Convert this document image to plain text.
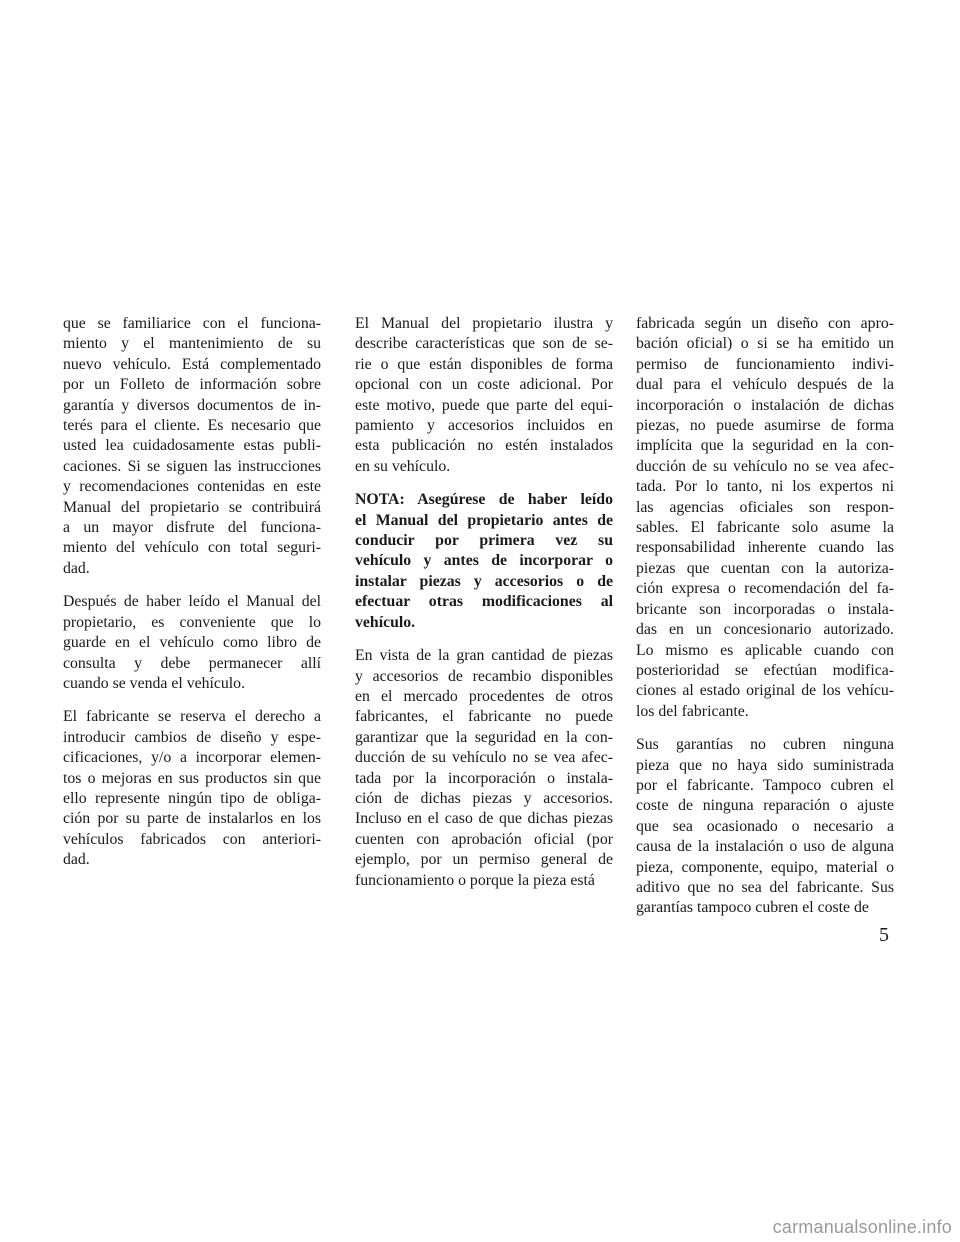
que se familiarice con el funciona-
miento y el mantenimiento de su
nuevo vehículo. Está complementado
por un Folleto de información sobre
garantía y diversos documentos de in-
terés para el cliente. Es necesario que
usted lea cuidadosamente estas publi-
caciones. Si se siguen las instrucciones
y recomendaciones contenidas en este
Manual del propietario se contribuirá
a un mayor disfrute del funciona-
miento del vehículo con total seguri-
dad.

Después de haber leído el Manual del
propietario, es conveniente que lo
guarde en el vehículo como libro de
consulta y debe permanecer allí
cuando se venda el vehículo.

El fabricante se reserva el derecho a
introducir cambios de diseño y espe-
cificaciones, y/o a incorporar elemen-
tos o mejoras en sus productos sin que
ello represente ningún tipo de obliga-
ción por su parte de instalarlos en los
vehículos fabricados con anteriori-
dad.

El Manual del propietario ilustra y
describe características que son de se-
rie o que están disponibles de forma
opcional con un coste adicional. Por
este motivo, puede que parte del equi-
pamiento y accesorios incluidos en
esta publicación no estén instalados
en su vehículo.

NOTA: Asegúrese de haber leído
el Manual del propietario antes de
conducir por primera vez su
vehículo y antes de incorporar o
instalar piezas y accesorios o de
efectuar otras modificaciones al
vehículo.

En vista de la gran cantidad de piezas
y accesorios de recambio disponibles
en el mercado procedentes de otros
fabricantes, el fabricante no puede
garantizar que la seguridad en la con-
ducción de su vehículo no se vea afec-
tada por la incorporación o instala-
ción de dichas piezas y accesorios.
Incluso en el caso de que dichas piezas
cuenten con aprobación oficial (por
ejemplo, por un permiso general de
funcionamiento o porque la pieza está

fabricada según un diseño con apro-
bación oficial) o si se ha emitido un
permiso de funcionamiento indivi-
dual para el vehículo después de la
incorporación o instalación de dichas
piezas, no puede asumirse de forma
implícita que la seguridad en la con-
ducción de su vehículo no se vea afec-
tada. Por lo tanto, ni los expertos ni
las agencias oficiales son respon-
sables. El fabricante solo asume la
responsabilidad inherente cuando las
piezas que cuentan con la autoriza-
ción expresa o recomendación del fa-
bricante son incorporadas o instala-
das en un concesionario autorizado.
Lo mismo es aplicable cuando con
posterioridad se efectúan modifica-
ciones al estado original de los vehícu-
los del fabricante.

Sus garantías no cubren ninguna
pieza que no haya sido suministrada
por el fabricante. Tampoco cubren el
coste de ninguna reparación o ajuste
que sea ocasionado o necesario a
causa de la instalación o uso de alguna
pieza, componente, equipo, material o
aditivo que no sea del fabricante. Sus
garantías tampoco cubren el coste de

5
carmanualsonline.info
